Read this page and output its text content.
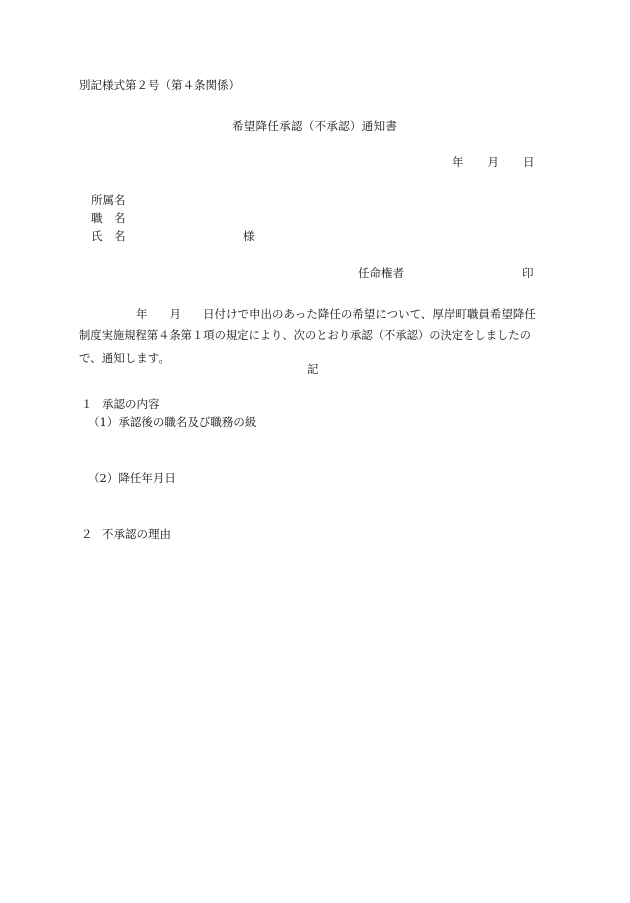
別記様式第２号（第４条関係）
希望降任承認（不承認）通知書
年 月 日
所属名
職　名
氏　名	様
任命権者	印
年 月 日付けで申出のあった降任の希望について、厚岸町職員希望降任
制度実施規程第４条第１項の規定により、次のとおり承認（不承認）の決定をしましたの
で、通知します。
記
１ 承認の内容
（1）承認後の職名及び職務の級
（2）降任年月日
２ 不承認の理由
